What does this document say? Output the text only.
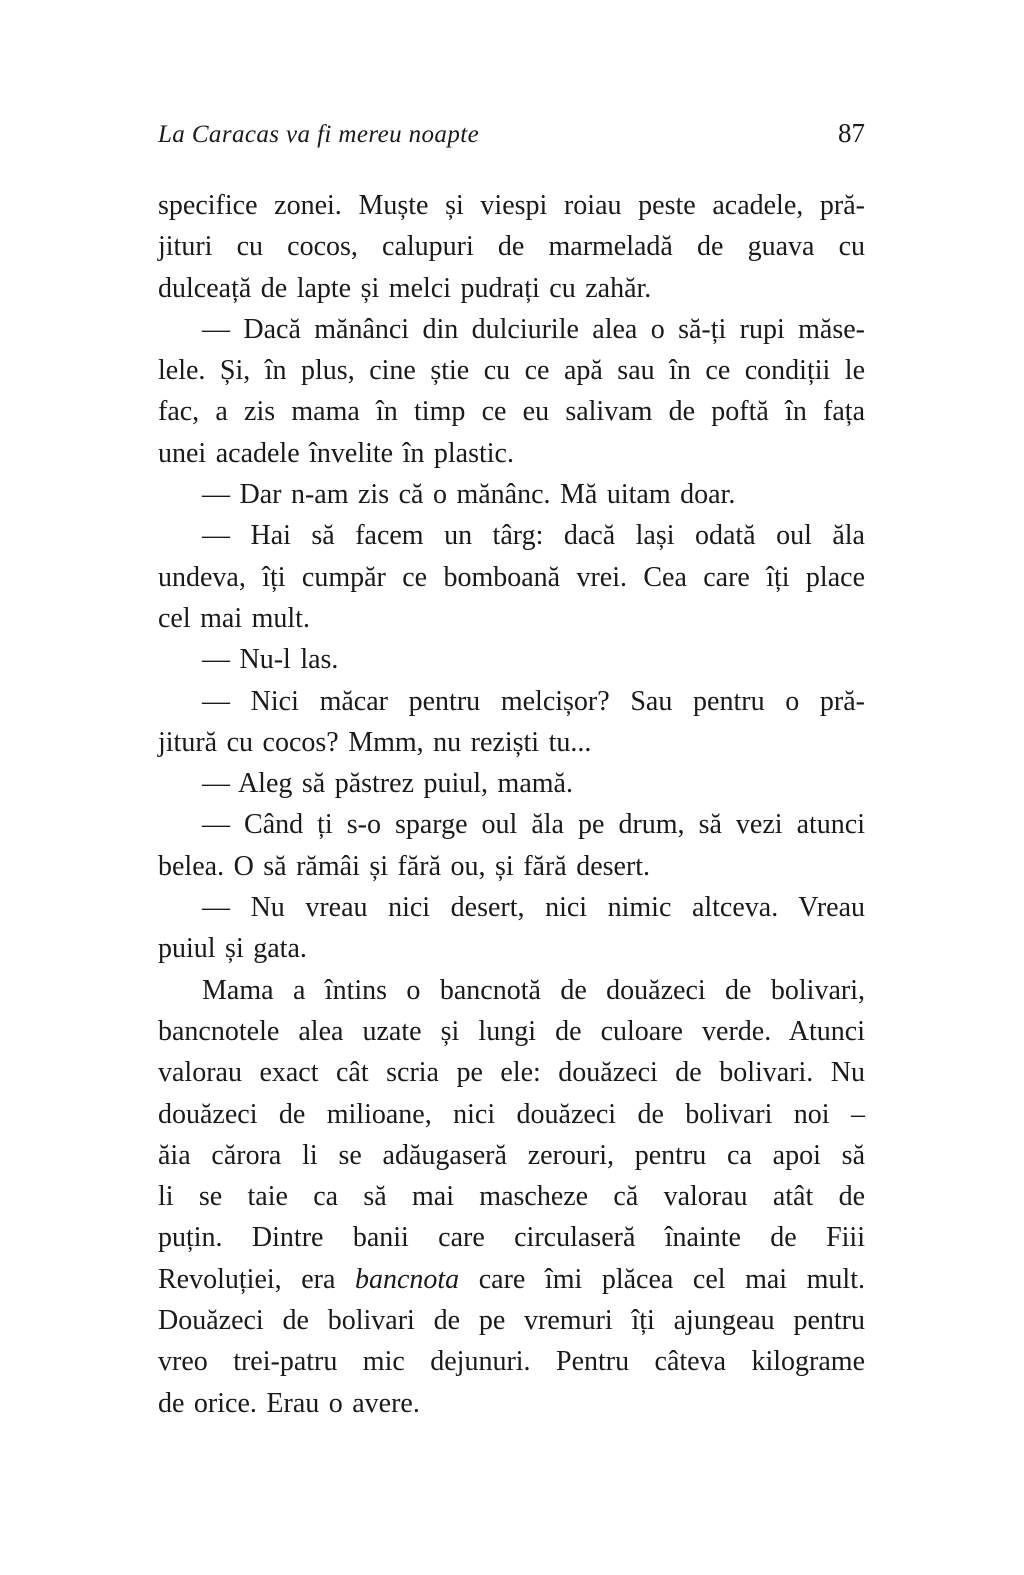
La Caracas va fi mereu noapte	87
specifice zonei. Muște și viespi roiau peste acadele, pră-
jituri cu cocos, calupuri de marmeladă de guava cu
dulceață de lapte și melci pudrați cu zahăr.
— Dacă mănânci din dulciurile alea o să-ți rupi măse-
lele. Și, în plus, cine știe cu ce apă sau în ce condiții le
fac, a zis mama în timp ce eu salivam de poftă în fața
unei acadele învelite în plastic.
— Dar n-am zis că o mănânc. Mă uitam doar.
— Hai să facem un târg: dacă lași odată oul ăla
undeva, îți cumpăr ce bomboană vrei. Cea care îți place
cel mai mult.
— Nu-l las.
— Nici măcar pentru melcișor? Sau pentru o pră-
jitură cu cocos? Mmm, nu reziști tu...
— Aleg să păstrez puiul, mamă.
— Când ți s-o sparge oul ăla pe drum, să vezi atunci
belea. O să rămâi și fără ou, și fără desert.
— Nu vreau nici desert, nici nimic altceva. Vreau
puiul și gata.
Mama a întins o bancnotă de douăzeci de bolivari,
bancnotele alea uzate și lungi de culoare verde. Atunci
valorau exact cât scria pe ele: douăzeci de bolivari. Nu
douăzeci de milioane, nici douăzeci de bolivari noi –
ăia cărora li se adăugaseră zerouri, pentru ca apoi să
li se taie ca să mai mascheze că valorau atât de
puțin. Dintre banii care circulaseră înainte de Fiii
Revoluției, era bancnota care îmi plăcea cel mai mult.
Douăzeci de bolivari de pe vremuri îți ajungeau pentru
vreo trei-patru mic dejunuri. Pentru câteva kilograme
de orice. Erau o avere.
